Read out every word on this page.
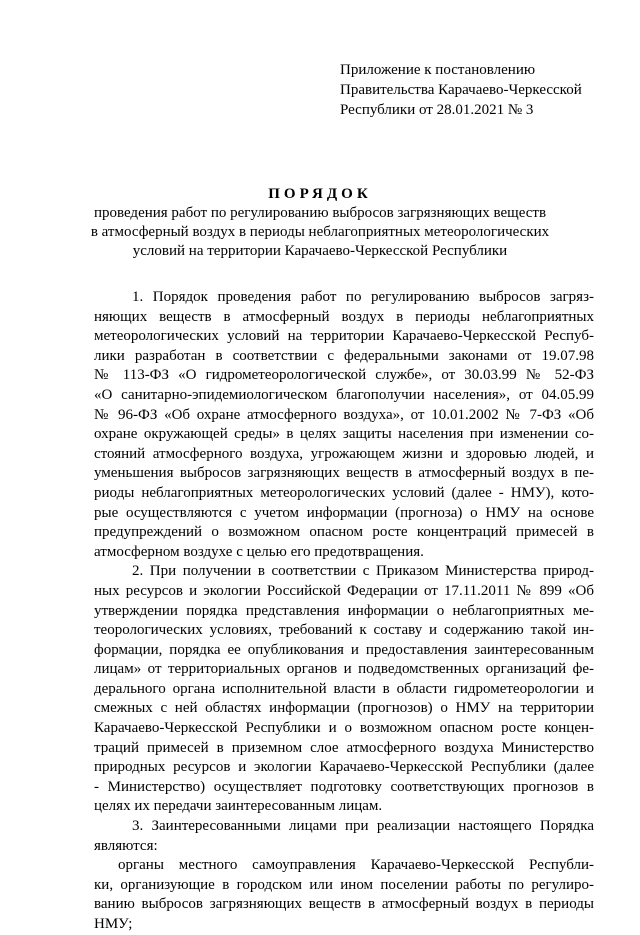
Приложение к постановлению
Правительства Карачаево-Черкесской
Республики от 28.01.2021 № 3
ПОРЯДОК
проведения работ по регулированию выбросов загрязняющих веществ
в атмосферный воздух в периоды неблагоприятных метеорологических
условий на территории Карачаево-Черкесской Республики
1. Порядок проведения работ по регулированию выбросов загряз-
няющих веществ в атмосферный воздух в периоды неблагоприятных
метеорологических условий на территории Карачаево-Черкесской Респуб-
лики разработан в соответствии с федеральными законами от 19.07.98
№ 113-ФЗ «О гидрометеорологической службе», от 30.03.99 № 52-ФЗ
«О санитарно-эпидемиологическом благополучии населения», от 04.05.99
№ 96-ФЗ «Об охране атмосферного воздуха», от 10.01.2002 № 7-ФЗ «Об
охране окружающей среды» в целях защиты населения при изменении со-
стояний атмосферного воздуха, угрожающем жизни и здоровью людей, и
уменьшения выбросов загрязняющих веществ в атмосферный воздух в пе-
риоды неблагоприятных метеорологических условий (далее - НМУ), кото-
рые осуществляются с учетом информации (прогноза) о НМУ на основе
предупреждений о возможном опасном росте концентраций примесей в
атмосферном воздухе с целью его предотвращения.
2. При получении в соответствии с Приказом Министерства природ-
ных ресурсов и экологии Российской Федерации от 17.11.2011 № 899 «Об
утверждении порядка представления информации о неблагоприятных ме-
теорологических условиях, требований к составу и содержанию такой ин-
формации, порядка ее опубликования и предоставления заинтересованным
лицам» от территориальных органов и подведомственных организаций фе-
дерального органа исполнительной власти в области гидрометеорологии и
смежных с ней областях информации (прогнозов) о НМУ на территории
Карачаево-Черкесской Республики и о возможном опасном росте концен-
траций примесей в приземном слое атмосферного воздуха Министерство
природных ресурсов и экологии Карачаево-Черкесской Республики (далее
- Министерство) осуществляет подготовку соответствующих прогнозов в
целях их передачи заинтересованным лицам.
3. Заинтересованными лицами при реализации настоящего Порядка
являются:
органы местного самоуправления Карачаево-Черкесской Республи-
ки, организующие в городском или ином поселении работы по регулиро-
ванию выбросов загрязняющих веществ в атмосферный воздух в периоды
НМУ;
